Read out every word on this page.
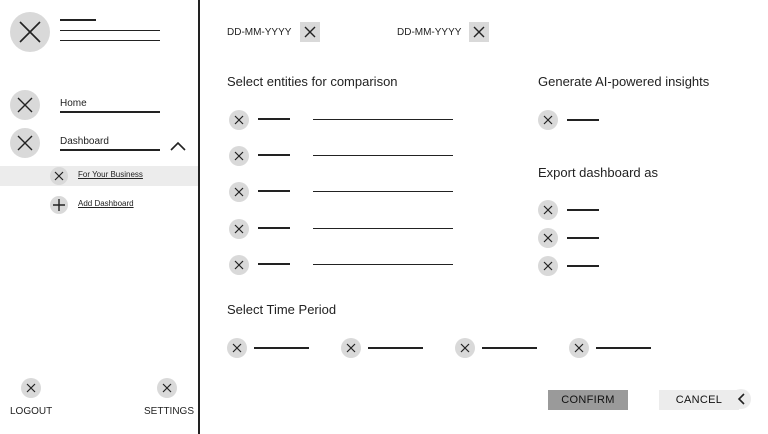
Home
Dashboard
For Your Business
Add Dashboard
LOGOUT	SETTINGS
DD-MM-YYYY	DD-MM-YYYY
Select entities for comparison	Generate AI-powered insights
Export dashboard as
Select Time Period
CONFIRM	CANCEL
